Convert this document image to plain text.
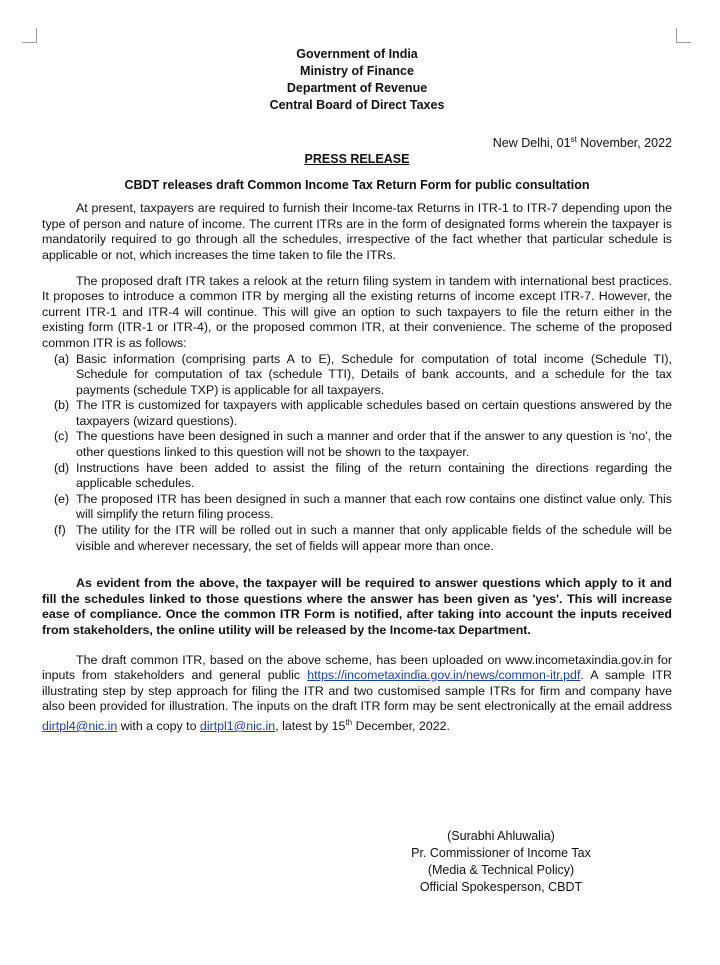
Government of India
Ministry of Finance
Department of Revenue
Central Board of Direct Taxes
New Delhi, 01st November, 2022
PRESS RELEASE
CBDT releases draft Common Income Tax Return Form for public consultation

At present, taxpayers are required to furnish their Income-tax Returns in ITR-1 to ITR-7 depending upon the type of person and nature of income. The current ITRs are in the form of designated forms wherein the taxpayer is mandatorily required to go through all the schedules, irrespective of the fact whether that particular schedule is applicable or not, which increases the time taken to file the ITRs.

The proposed draft ITR takes a relook at the return filing system in tandem with international best practices. It proposes to introduce a common ITR by merging all the existing returns of income except ITR-7. However, the current ITR-1 and ITR-4 will continue. This will give an option to such taxpayers to file the return either in the existing form (ITR-1 or ITR-4), or the proposed common ITR, at their convenience. The scheme of the proposed common ITR is as follows:

(a) Basic information (comprising parts A to E), Schedule for computation of total income (Schedule TI), Schedule for computation of tax (schedule TTI), Details of bank accounts, and a schedule for the tax payments (schedule TXP) is applicable for all taxpayers.
(b) The ITR is customized for taxpayers with applicable schedules based on certain questions answered by the taxpayers (wizard questions).
(c) The questions have been designed in such a manner and order that if the answer to any question is 'no', the other questions linked to this question will not be shown to the taxpayer.
(d) Instructions have been added to assist the filing of the return containing the directions regarding the applicable schedules.
(e) The proposed ITR has been designed in such a manner that each row contains one distinct value only. This will simplify the return filing process.
(f) The utility for the ITR will be rolled out in such a manner that only applicable fields of the schedule will be visible and wherever necessary, the set of fields will appear more than once.

As evident from the above, the taxpayer will be required to answer questions which apply to it and fill the schedules linked to those questions where the answer has been given as 'yes'. This will increase ease of compliance. Once the common ITR Form is notified, after taking into account the inputs received from stakeholders, the online utility will be released by the Income-tax Department.

The draft common ITR, based on the above scheme, has been uploaded on www.incometaxindia.gov.in for inputs from stakeholders and general public https://incometaxindia.gov.in/news/common-itr.pdf. A sample ITR illustrating step by step approach for filing the ITR and two customised sample ITRs for firm and company have also been provided for illustration. The inputs on the draft ITR form may be sent electronically at the email address dirtpl4@nic.in with a copy to dirtpl1@nic.in, latest by 15th December, 2022.

(Surabhi Ahluwalia)
Pr. Commissioner of Income Tax
(Media & Technical Policy)
Official Spokesperson, CBDT
